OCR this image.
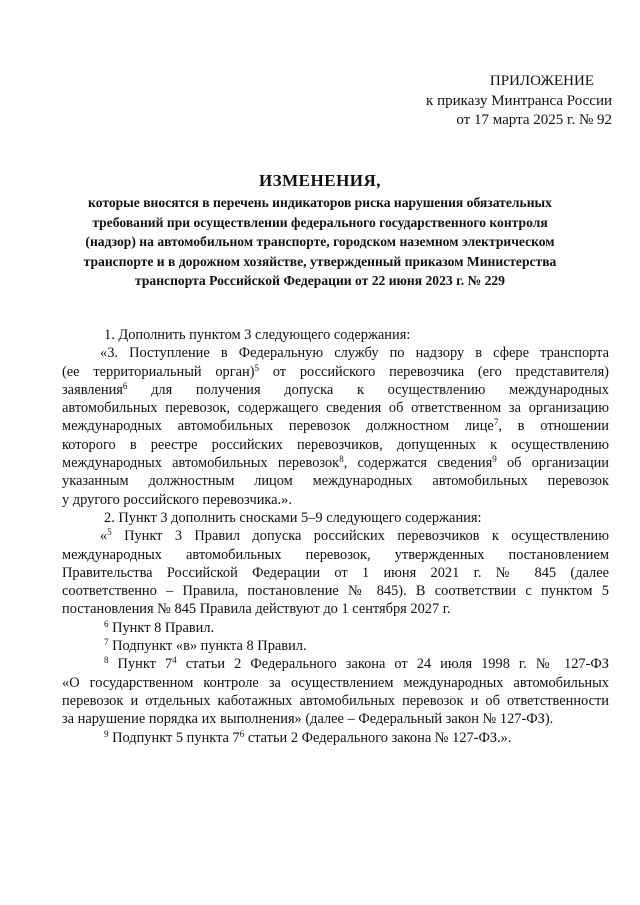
ПРИЛОЖЕНИЕ
к приказу Минтранса России
от 17 марта 2025 г. № 92
ИЗМЕНЕНИЯ,
которые вносятся в перечень индикаторов риска нарушения обязательных
требований при осуществлении федерального государственного контроля
(надзор) на автомобильном транспорте, городском наземном электрическом
транспорте и в дорожном хозяйстве, утвержденный приказом Министерства
транспорта Российской Федерации от 22 июня 2023 г. № 229
1. Дополнить пунктом 3 следующего содержания:
«3. Поступление в Федеральную службу по надзору в сфере транспорта
(ее территориальный орган)$^5$ от российского перевозчика (его представителя)
заявления$^6$ для получения допуска к осуществлению международных
автомобильных перевозок, содержащего сведения об ответственном за организацию
международных автомобильных перевозок должностном лице$^7$, в отношении
которого в реестре российских перевозчиков, допущенных к осуществлению
международных автомобильных перевозок$^8$, содержатся сведения$^9$ об организации
указанным должностным лицом международных автомобильных перевозок
у другого российского перевозчика.».
2. Пункт 3 дополнить сносками 5–9 следующего содержания:
«$^5$ Пункт 3 Правил допуска российских перевозчиков к осуществлению
международных автомобильных перевозок, утвержденных постановлением
Правительства Российской Федерации от 1 июня 2021 г. № 845 (далее
соответственно – Правила, постановление № 845). В соответствии с пунктом 5
постановления № 845 Правила действуют до 1 сентября 2027 г.
$^6$ Пункт 8 Правил.
$^7$ Подпункт «в» пункта 8 Правил.
$^8$ Пункт $7^4$ статьи 2 Федерального закона от 24 июля 1998 г. № 127-ФЗ
«О государственном контроле за осуществлением международных автомобильных
перевозок и отдельных каботажных автомобильных перевозок и об ответственности
за нарушение порядка их выполнения» (далее – Федеральный закон № 127-ФЗ).
$^9$ Подпункт 5 пункта $7^6$ статьи 2 Федерального закона № 127-ФЗ.».
